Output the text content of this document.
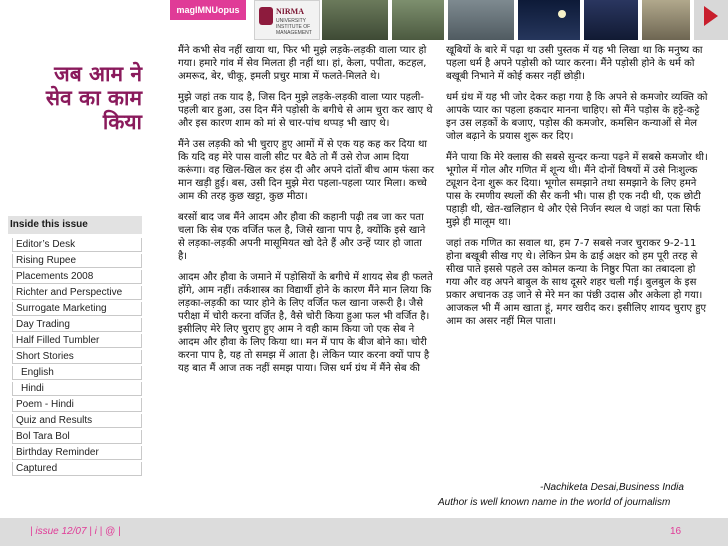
magIMNUopus	NIRMA
UNIVERSITY INSTITUTE OF MANAGEMENT
जब आम ने
सेव का काम
किया
Inside this issue
Editor’s Desk
Rising Rupee
Placements 2008
Richter and Perspective
Surrogate Marketing
Day Trading
Half Filled Tumbler
Short Stories
English
Hindi
Poem - Hindi
Quiz and Results
Bol Tara Bol
Birthday Reminder
Captured

मैंने कभी सेव नहीं खाया था, फिर भी मुझे लड़के-लड़की वाला प्यार हो गया। हमारे गांव में सेव मिलता ही नहीं था। हां, केला, पपीता, कटहल, अमरूद, बेर, चीकू, इमली प्रचुर मात्रा में फलते-मिलते थे।

मुझे जहां तक याद है, जिस दिन मुझे लड़के-लड़की वाला प्यार पहली-पहली बार हुआ, उस दिन मैंने पड़ोसी के बगीचे से आम चुरा कर खाए थे और इस कारण शाम को मां से चार-पांच थप्पड़ भी खाए थे।

मैंने उस लड़की को भी चुराए हुए आमों में से एक यह कह कर दिया था कि यदि वह मेरे पास वाली सीट पर बैठे तो मैं उसे रोज आम दिया करूंगा। वह खिल-खिल कर हंस दी और अपने दांतों बीच आम फंसा कर मान खड़ी हुई। बस, उसी दिन मुझे मेरा पहला-पहला प्यार मिला। कच्चे आम की तरह कुछ खट्टा, कुछ मीठा।

बरसों बाद जब मैंने आदम और हौवा की कहानी पढ़ी तब जा कर पता चला कि सेब एक वर्जित फल है, जिसे खाना पाप है, क्योंकि इसे खाने से लड़का-लड़की अपनी मासूमियत खो देते हैं और उन्हें प्यार हो जाता है।

आदम और हौवा के जमाने में पड़ोसियों के बगीचे में शायद सेब ही फलते होंगे, आम नहीं। तर्कशास्त्र का विद्यार्थी होने के कारण मैंने मान लिया कि लड़का-लड़की का प्यार होने के लिए वर्जित फल खाना जरूरी है। जैसे परीक्षा में चोरी करना वर्जित है, वैसे चोरी किया हुआ फल भी वर्जित है। इसीलिए मेरे लिए चुराए हुए आम ने वही काम किया जो एक सेब ने आदम और हौवा के लिए किया था। मन में पाप के बीज बोने का। चोरी करना पाप है, यह तो समझ में आता है। लेकिन प्यार करना क्यों पाप है यह बात मैं आज तक नहीं समझ पाया। जिस धर्म ग्रंथ में मैंने सेब की

खूबियों के बारे में पढ़ा था उसी पुस्तक में यह भी लिखा था कि मनुष्य का पहला धर्म है अपने पड़ोसी को प्यार करना। मैंने पड़ोसी होने के धर्म को बखूबी निभाने में कोई कसर नहीं छोड़ी।

धर्म ग्रंथ में यह भी जोर देकर कहा गया है कि अपने से कमजोर व्यक्ति को आपके प्यार का पहला हकदार मानना चाहिए। सो मैंने पड़ोस के हट्टे-कट्टे इन उस लड़कों के बजाए, पड़ोस की कमजोर, कमसिन कन्याओं से मेल जोल बढ़ाने के प्रयास शुरू कर दिए।

मैंने पाया कि मेरे क्लास की सबसे सुन्दर कन्या पढ़ने में सबसे कमजोर थी। भूगोल में गोल और गणित में शून्य थी। मैंने दोनों विषयों में उसे निःशुल्क ट्यूशन देना शुरू कर दिया। भूगोल समझाने तथा समझाने के लिए हमने पास के रमणीय स्थलों की सैर कनी भी। पास ही एक नदी थी, एक छोटी पहाड़ी थी, खेत-खलिहान थे और ऐसे निर्जन स्थल थे जहां का पता सिर्फ मुझे ही मालूम था।

जहां तक गणित का सवाल था, हम 7-7 सबसे नजर चुराकर 9-2-11 होना बखूबी सीख गए थे। लेकिन प्रेम के ढाई अक्षर को हम पूरी तरह से सीख पाते इससे पहले उस कोमल कन्या के निष्ठुर पिता का तबादला हो गया और वह अपने बाबुल के साथ दूसरे शहर चली गई। बुलबुल के इस प्रकार अचानक उड़ जाने से मेरे मन का पंछी उदास और अकेला हो गया। आजकल भी मैं आम खाता हूं, मगर खरीद कर। इसीलिए शायद चुराए हुए आम का असर नहीं मिल पाता।

-Nachiketa Desai,Business India
Author is well known name in the world of journalism
| issue 12/07 | i | @ |	16
